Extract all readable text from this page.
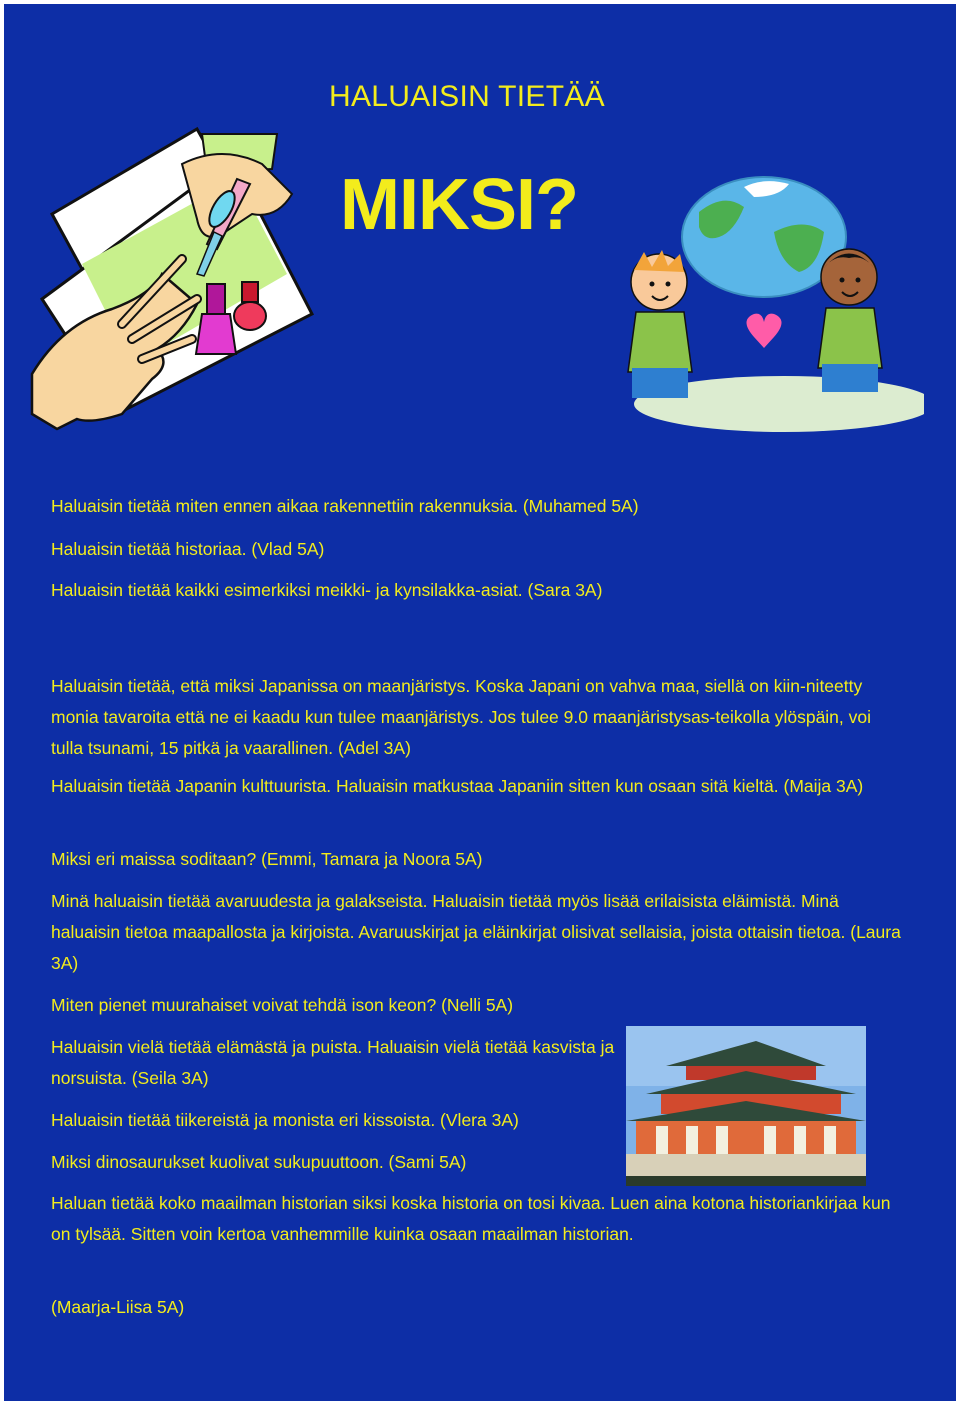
HALUAISIN TIETÄÄ
MIKSI?

Haluaisin tietää miten ennen aikaa rakennettiin rakennuksia. (Muhamed 5A)

Haluaisin tietää historiaa. (Vlad 5A)

Haluaisin tietää kaikki esimerkiksi meikki- ja kynsilakka-asiat. (Sara 3A)

Haluaisin tietää, että miksi Japanissa on maanjäristys. Koska Japani on vahva maa, siellä on kiin-niteetty monia tavaroita että ne ei kaadu kun tulee maanjäristys. Jos tulee 9.0 maanjäristysas-teikolla ylöspäin, voi tulla tsunami, 15 pitkä ja vaarallinen. (Adel 3A)

Haluaisin tietää Japanin kulttuurista. Haluaisin matkustaa Japaniin sitten kun osaan sitä kieltä. (Maija 3A)

Miksi eri maissa soditaan? (Emmi, Tamara ja Noora 5A)

Minä haluaisin tietää avaruudesta ja galakseista. Haluaisin tietää myös lisää erilaisista eläimistä. Minä haluaisin tietoa maapallosta ja kirjoista. Avaruuskirjat ja eläinkirjat olisivat sellaisia, joista ottaisin tietoa. (Laura 3A)

Miten pienet muurahaiset voivat tehdä ison keon? (Nelli 5A)

Haluaisin vielä tietää elämästä ja puista. Haluaisin vielä tietää kasvista ja norsuista. (Seila 3A)

Haluaisin tietää tiikereistä ja monista eri kissoista. (Vlera 3A)

Miksi dinosaurukset kuolivat sukupuuttoon. (Sami 5A)

Haluan tietää koko maailman historian siksi koska historia on tosi kivaa. Luen aina kotona historiankirjaa kun on tylsää. Sitten voin kertoa vanhemmille kuinka osaan maailman historian.

(Maarja-Liisa 5A)
